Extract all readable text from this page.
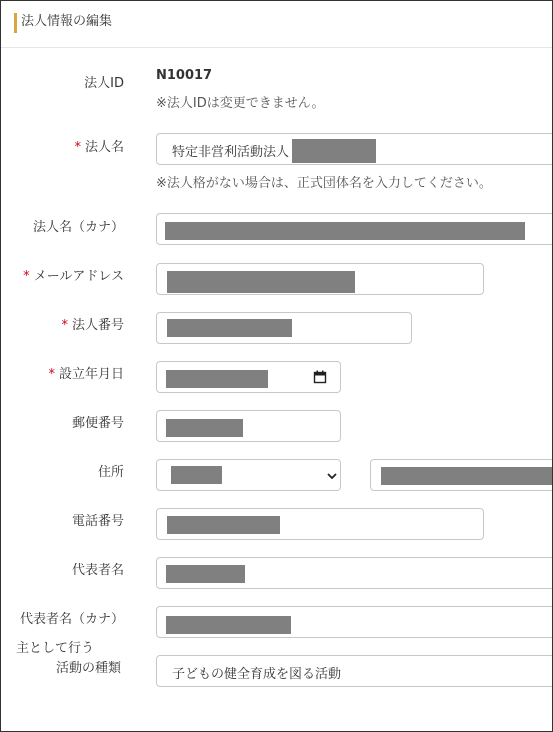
法人情報の編集
法人ID
N10017
※法人IDは変更できません。
* 法人名	特定非営利活動法人
※法人格がない場合は、正式団体名を入力してください。
法人名（カナ）
* メールアドレス
* 法人番号
* 設立年月日
郵便番号
住所
電話番号
代表者名
代表者名（カナ）
主として行う
活動の種類	子どもの健全育成を図る活動
